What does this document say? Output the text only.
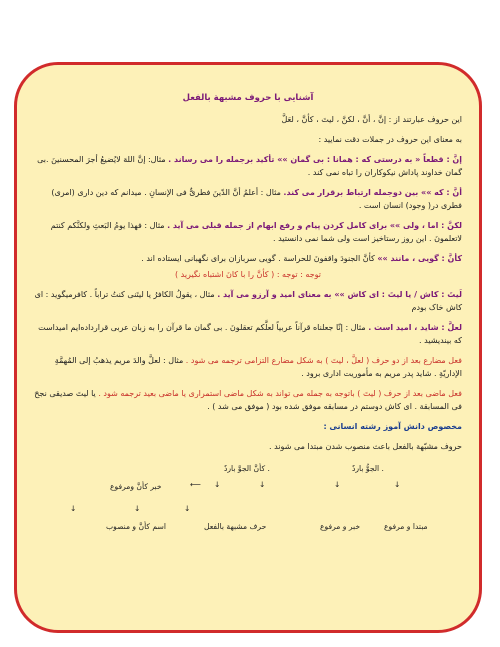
آشنایی با حروف مشبهة بالفعل

این حروف عبارتند از : إنَّ ، أنَّ ، لکنَّ ، لیتَ ، کأنَّ ، لعَلَّ

به معنای این حروف در جملات دقت نمایید :

إنَّ : قطعاً « به درستی که : همانا : بی گمان »» تأکید برجمله را می رساند . مثال: إنَّ اللهَ لایُضیعُ أجرَ المحسنینَ .بی گمان خداوند پاداش نیکوکاران را تباه نمی کند .

أنَّ : که »» بین دوجمله ارتباط برقرار می کند. مثال : أعلمُ أنَّ الدّینَ فطریٌّ فی الإنسانِ . میدانم که دین داری (امری) فطری در( وجود) انسان است .

لکنَّ : اما ، ولی »» برای کامل کردن پیام و رفع ابهام از جمله قبلی می آید . مثال : فهذا یومُ البَعثِ ولکنَّکم کنتم لاتعلمونَ . این روز رستاخیز است ولی شما نمی دانستید .

کأنَّ : گویی ، مانند »» کأنَّ الجنودَ واقفونَ للحراسة . گویی سربازان برای نگهبانی ایستاده اند .

توجه : توجه : ( کأنَّ را با کانَ اشتباه نگیرید )

لَیتَ : کاش / یا لیتَ : ای کاش »» به معنای امید و آرزو می آید . مثال ، یقولُ الکافرُ یا لیتَنی کنتُ تراباً . کافرمیگوید : ای کاش خاک بودم

لعلَّ : شاید ، امید است . مثال : إنّا جعلناه قرآناً عربیاً لعلَّکم تعقلونَ . بی گمان ما قرآن را به زبان عربی قرارداده‌ایم امیداست که بیندیشید .

فعل مضارع بعد از دو حرف ( لعلَّ ، لیتَ ) به شکل مضارع التزامی ترجمه می شود . مثال : لعلَّ والدَ مریم یذهبُ إلی المُهمَّةِ الإداریّةِ . شاید پدر مریم به مأموریت اداری برود .

فعل ماضی بعد از حرف ( لیتَ ) باتوجه به جمله می تواند به شکل ماضی استمراری یا ماضی بعید ترجمه شود . یا لیتَ صدیقی نجحَ فی المسابقة . ای کاش دوستم در مسابقه موفق شده بود ( موفق می شد ) .

مخصوص دانش آموز رشته انسانی :

حروف مشبّهة بالفعل باعث منصوب شدن مبتدا می شوند .

کأنَّ الجوَّ باردٌ .	الجوُّ باردٌ .
↓	↓	↓	↓
خبر کأنَّ ومرفوع	⟵
↓	↓	↓
اسم کأنَّ و منصوب	حرف مشبهة بالفعل	خبر و مرفوع	مبتدا و مرفوع
